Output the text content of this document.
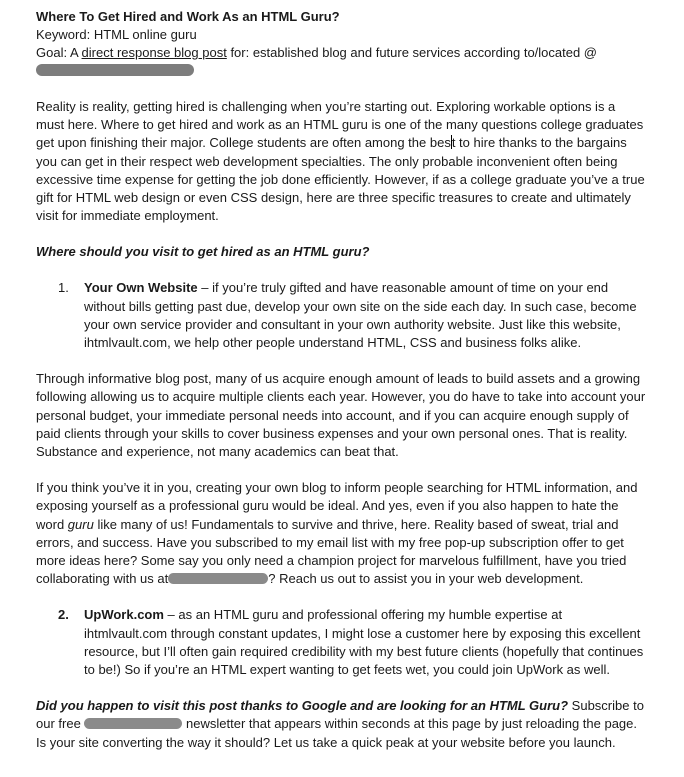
Where To Get Hired and Work As an HTML Guru?
Keyword: HTML online guru
Goal: A direct response blog post for: established blog and future services according to/located @

Reality is reality, getting hired is challenging when you’re starting out. Exploring workable options is a must here. Where to get hired and work as an HTML guru is one of the many questions college graduates get upon finishing their major. College students are often among the best to hire thanks to the bargains you can get in their respect web development specialties. The only probable inconvenient often being excessive time expense for getting the job done efficiently. However, if as a college graduate you’ve a true gift for HTML web design or even CSS design, here are three specific treasures to create and ultimately visit for immediate employment.

Where should you visit to get hired as an HTML guru?

1. Your Own Website – if you’re truly gifted and have reasonable amount of time on your end without bills getting past due, develop your own site on the side each day. In such case, become your own service provider and consultant in your own authority website. Just like this website, ihtmlvault.com, we help other people understand HTML, CSS and business folks alike.

Through informative blog post, many of us acquire enough amount of leads to build assets and a growing following allowing us to acquire multiple clients each year. However, you do have to take into account your personal budget, your immediate personal needs into account, and if you can acquire enough supply of paid clients through your skills to cover business expenses and your own personal ones. That is reality. Substance and experience, not many academics can beat that.

If you think you’ve it in you, creating your own blog to inform people searching for HTML information, and exposing yourself as a professional guru would be ideal. And yes, even if you also happen to hate the word guru like many of us! Fundamentals to survive and thrive, here. Reality based of sweat, trial and errors, and success. Have you subscribed to my email list with my free pop-up subscription offer to get more ideas here? Some say you only need a champion project for marvelous fulfillment, have you tried collaborating with us at	? Reach us out to assist you in your web development.

2. UpWork.com – as an HTML guru and professional offering my humble expertise at ihtmlvault.com through constant updates, I might lose a customer here by exposing this excellent resource, but I’ll often gain required credibility with my best future clients (hopefully that continues to be!) So if you’re an HTML expert wanting to get feets wet, you could join UpWork as well.

Did you happen to visit this post thanks to Google and are looking for an HTML Guru? Subscribe to our free	newsletter that appears within seconds at this page by just reloading the page. Is your site converting the way it should? Let us take a quick peak at your website before you launch.
